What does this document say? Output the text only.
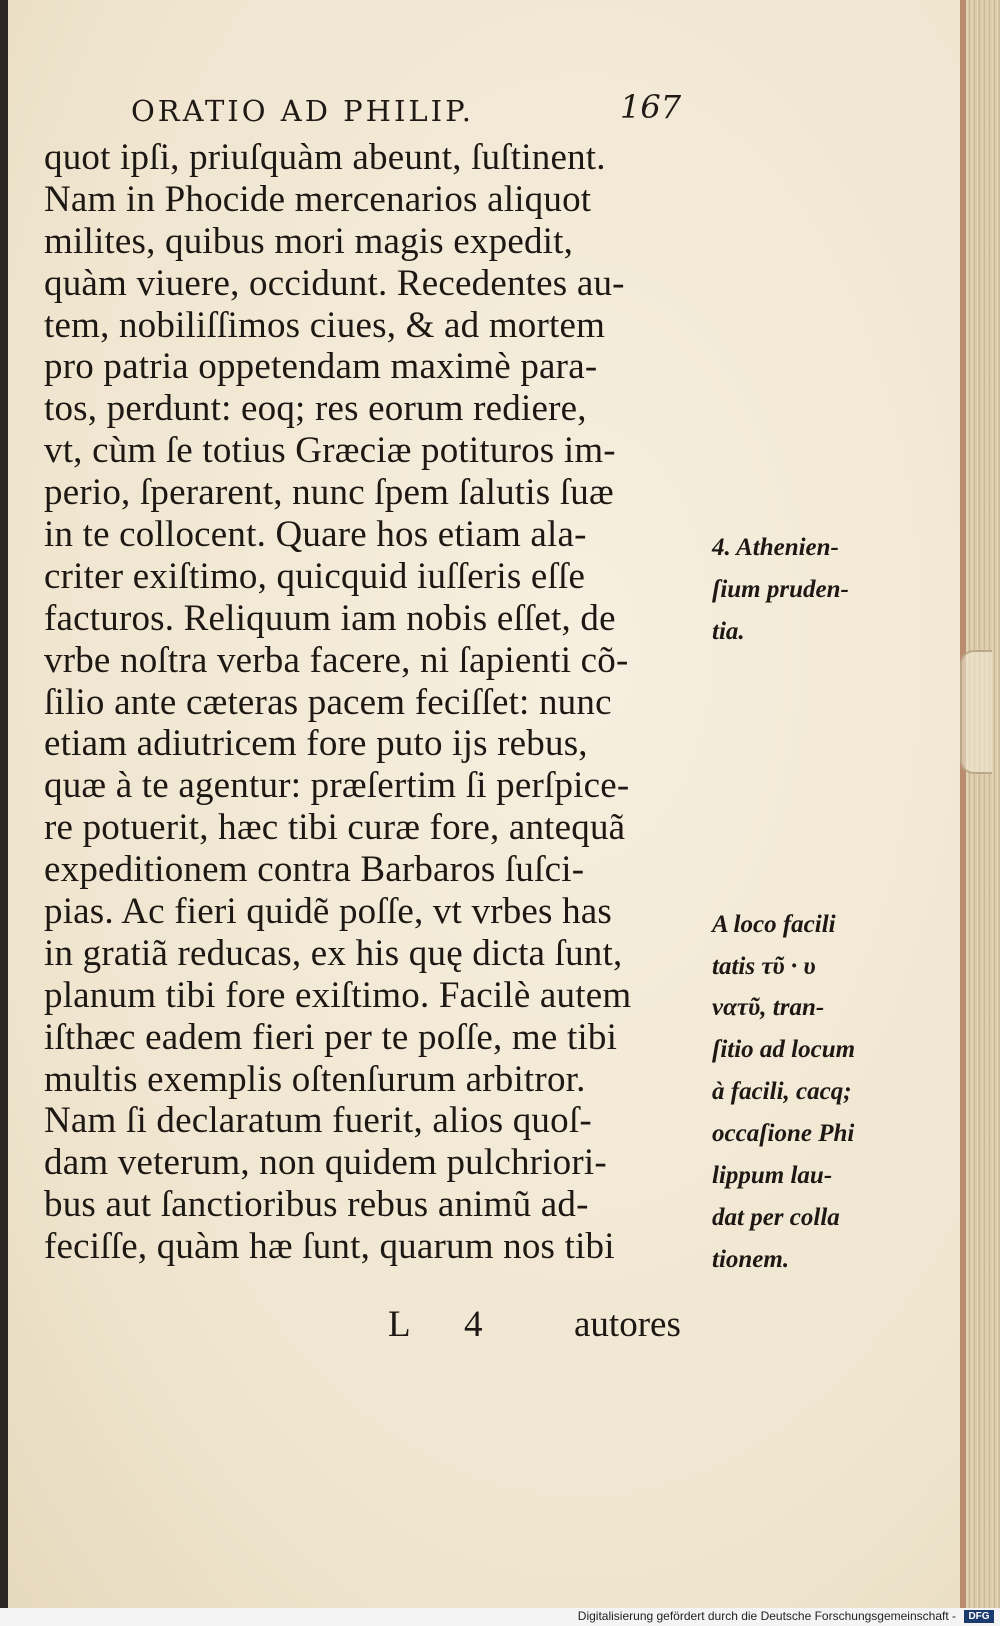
ORATIO AD PHILIP.	167
quot ipſi, priuſquàm abeunt, ſuſtinent.
Nam in Phocide mercenarios aliquot
milites, quibus mori magis expedit,
quàm viuere, occidunt. Recedentes au-
tem, nobiliſſimos ciues, & ad mortem
pro patria oppetendam maximè para-
tos, perdunt: eoq; res eorum rediere,
vt, cùm ſe totius Græciæ potituros im-
perio, ſperarent, nunc ſpem ſalutis ſuæ
in te collocent. Quare hos etiam ala-
criter exiſtimo, quicquid iuſſeris eſſe
facturos. Reliquum iam nobis eſſet, de
vrbe noſtra verba facere, ni ſapienti cõ-
ſilio ante cæteras pacem feciſſet: nunc
etiam adiutricem fore puto ijs rebus,
quæ à te agentur: præſertim ſi perſpice-
re potuerit, hæc tibi curæ fore, antequã
expeditionem contra Barbaros ſuſci-
pias. Ac fieri quidẽ poſſe, vt vrbes has
in gratiã reducas, ex his quę dicta ſunt,
planum tibi fore exiſtimo. Facilè autem
iſthæc eadem fieri per te poſſe, me tibi
multis exemplis oſtenſurum arbitror.
Nam ſi declaratum fuerit, alios quoſ-
dam veterum, non quidem pulchriori-
bus aut ſanctioribus rebus animũ ad-
feciſſe, quàm hæ ſunt, quarum nos tibi
4. Athenien-
ſium pruden-
tia.
A loco facili
tatis τῦ · υ
νατῦ, tran-
ſitio ad locum
à facili, cacq;
occaſione Phi
lippum lau-
dat per colla
tionem.
L 4 autores
Digitalisierung gefördert durch die Deutsche Forschungsgemeinschaft -	DFG
